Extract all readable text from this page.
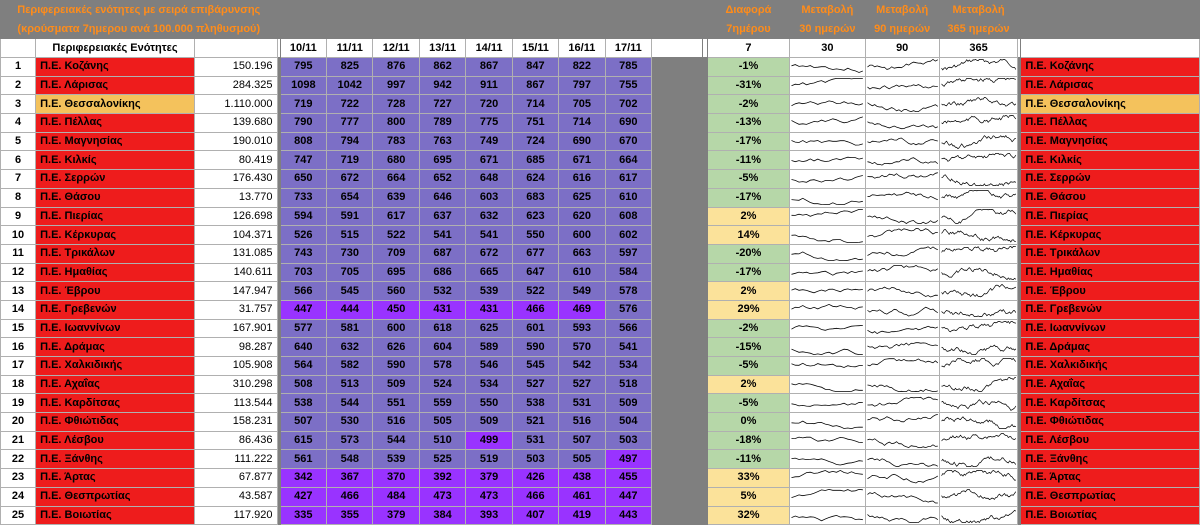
Περιφερειακές ενότητες με σειρά επιβάρυνσης														Διαφορά	Μεταβολή	Μεταβολή	Μεταβολή		
(κρούσματα 7ημερου ανά 100.000 πληθυσμού)														7ημέρου	30 ημερών	90 ημερών	365 ημερών		
	Περιφερειακές Ενότητες			10/11	11/11	12/11	13/11	14/11	15/11	16/11	17/11			7	30	90	365		
1	Π.Ε. Κοζάνης	150.196		795	825	876	862	867	847	822	785			-1%					Π.Ε. Κοζάνης
2	Π.Ε. Λάρισας	284.325		1098	1042	997	942	911	867	797	755			-31%					Π.Ε. Λάρισας
3	Π.Ε. Θεσσαλονίκης	1.110.000		719	722	728	727	720	714	705	702			-2%					Π.Ε. Θεσσαλονίκης
4	Π.Ε. Πέλλας	139.680		790	777	800	789	775	751	714	690			-13%					Π.Ε. Πέλλας
5	Π.Ε. Μαγνησίας	190.010		808	794	783	763	749	724	690	670			-17%					Π.Ε. Μαγνησίας
6	Π.Ε. Κιλκίς	80.419		747	719	680	695	671	685	671	664			-11%					Π.Ε. Κιλκίς
7	Π.Ε. Σερρών	176.430		650	672	664	652	648	624	616	617			-5%					Π.Ε. Σερρών
8	Π.Ε. Θάσου	13.770		733	654	639	646	603	683	625	610			-17%					Π.Ε. Θάσου
9	Π.Ε. Πιερίας	126.698		594	591	617	637	632	623	620	608			2%					Π.Ε. Πιερίας
10	Π.Ε. Κέρκυρας	104.371		526	515	522	541	541	550	600	602			14%					Π.Ε. Κέρκυρας
11	Π.Ε. Τρικάλων	131.085		743	730	709	687	672	677	663	597			-20%					Π.Ε. Τρικάλων
12	Π.Ε. Ημαθίας	140.611		703	705	695	686	665	647	610	584			-17%					Π.Ε. Ημαθίας
13	Π.Ε. Έβρου	147.947		566	545	560	532	539	522	549	578			2%					Π.Ε. Έβρου
14	Π.Ε. Γρεβενών	31.757		447	444	450	431	431	466	469	576			29%					Π.Ε. Γρεβενών
15	Π.Ε. Ιωαννίνων	167.901		577	581	600	618	625	601	593	566			-2%					Π.Ε. Ιωαννίνων
16	Π.Ε. Δράμας	98.287		640	632	626	604	589	590	570	541			-15%					Π.Ε. Δράμας
17	Π.Ε. Χαλκιδικής	105.908		564	582	590	578	546	545	542	534			-5%					Π.Ε. Χαλκιδικής
18	Π.Ε. Αχαΐας	310.298		508	513	509	524	534	527	527	518			2%					Π.Ε. Αχαΐας
19	Π.Ε. Καρδίτσας	113.544		538	544	551	559	550	538	531	509			-5%					Π.Ε. Καρδίτσας
20	Π.Ε. Φθιώτιδας	158.231		507	530	516	505	509	521	516	504			0%					Π.Ε. Φθιώτιδας
21	Π.Ε. Λέσβου	86.436		615	573	544	510	499	531	507	503			-18%					Π.Ε. Λέσβου
22	Π.Ε. Ξάνθης	111.222		561	548	539	525	519	503	505	497			-11%					Π.Ε. Ξάνθης
23	Π.Ε. Άρτας	67.877		342	367	370	392	379	426	438	455			33%					Π.Ε. Άρτας
24	Π.Ε. Θεσπρωτίας	43.587		427	466	484	473	473	466	461	447			5%					Π.Ε. Θεσπρωτίας
25	Π.Ε. Βοιωτίας	117.920		335	355	379	384	393	407	419	443			32%					Π.Ε. Βοιωτίας
